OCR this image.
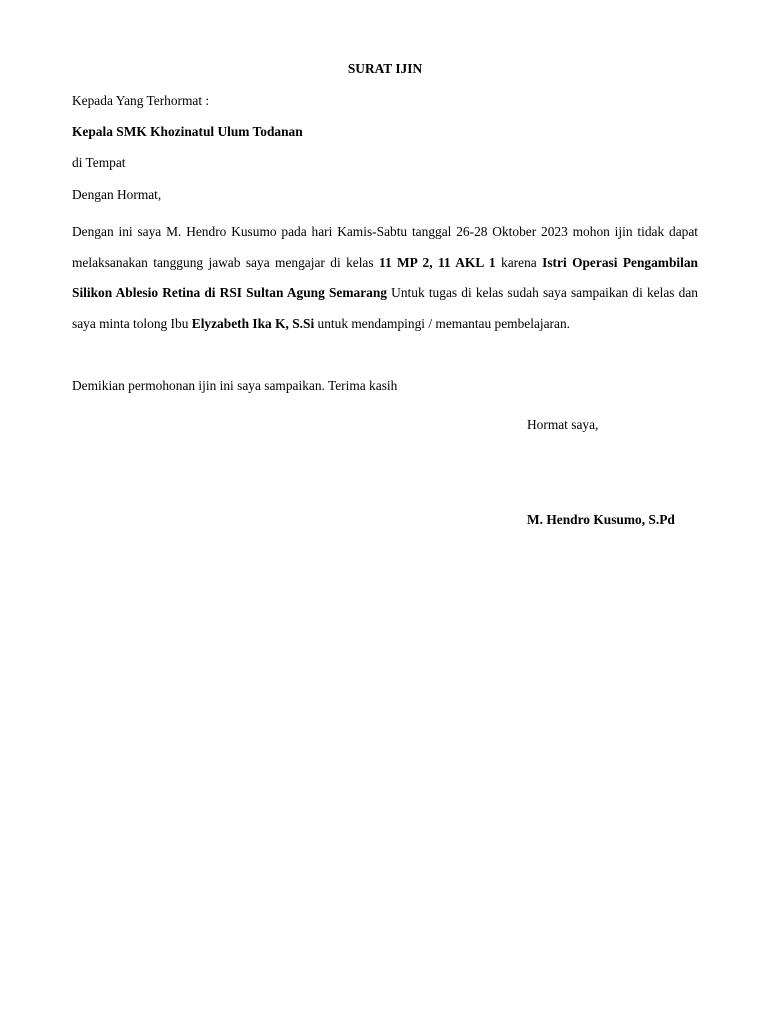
SURAT IJIN
Kepada Yang Terhormat :
Kepala SMK Khozinatul Ulum Todanan
di Tempat
Dengan Hormat,

Dengan ini saya M. Hendro Kusumo pada hari Kamis-Sabtu tanggal 26-28 Oktober 2023 mohon ijin tidak dapat melaksanakan tanggung jawab saya mengajar di kelas 11 MP 2, 11 AKL 1 karena Istri Operasi Pengambilan Silikon Ablesio Retina di RSI Sultan Agung Semarang Untuk tugas di kelas sudah saya sampaikan di kelas dan saya minta tolong Ibu Elyzabeth Ika K, S.Si untuk mendampingi / memantau pembelajaran.

Demikian permohonan ijin ini saya sampaikan. Terima kasih
Hormat saya,
M. Hendro Kusumo, S.Pd
